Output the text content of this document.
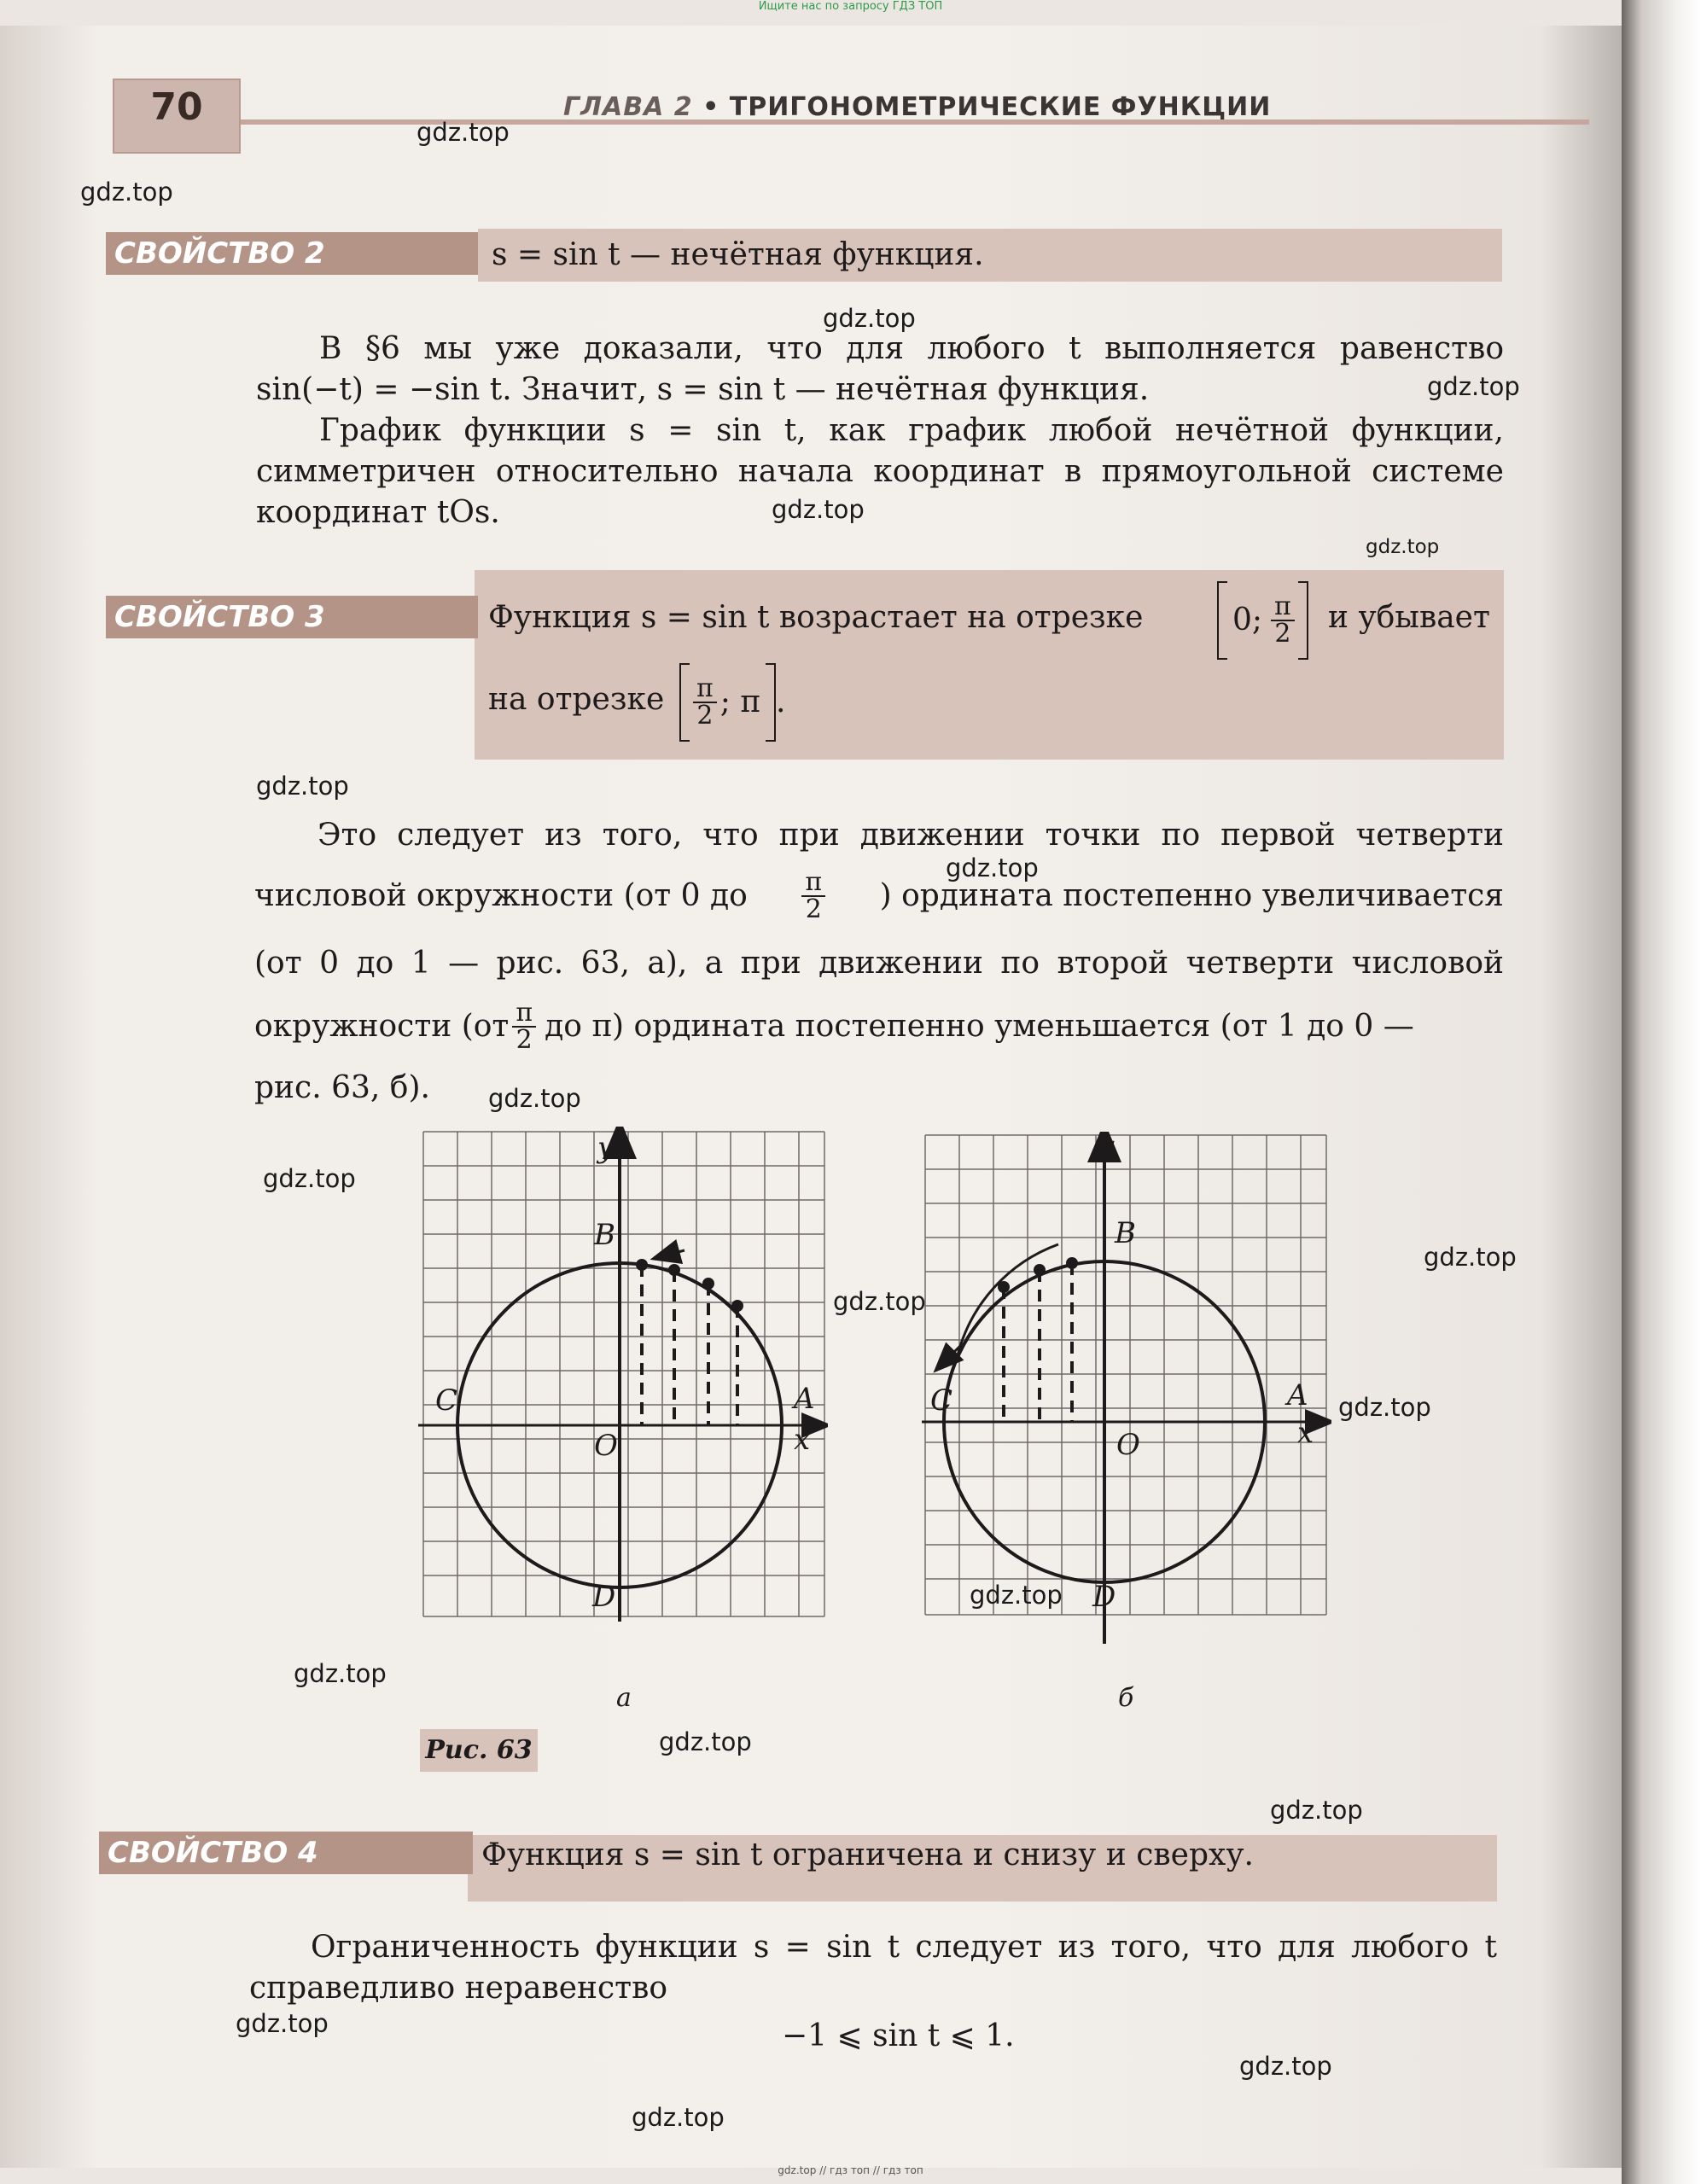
Ищите нас по запросу ГДЗ ТОП
70	ГЛАВА 2 • ТРИГОНОМЕТРИЧЕСКИЕ ФУНКЦИИ
СВОЙСТВО 2	s = sin t — нечётная функция.
В §6 мы уже доказали, что для любого t выполняется равенство
sin(−t) = −sin t. Значит, s = sin t — нечётная функция.
График функции s = sin t, как график любой нечётной функции,
симметричен относительно начала координат в прямоугольной системе
координат tOs.
СВОЙСТВО 3	Функция s = sin t возрастает на отрезке	0; $\frac{\pi}{2}$ и убывает
на отрезке $\frac{\pi}{2}$ ; π .
Это следует из того, что при движении точки по первой четверти
числовой окружности (от 0 до $\frac{\pi}{2}$ ) ордината постепенно увеличивается
(от 0 до 1 — рис. 63, а), а при движении по второй четверти числовой
окружности ($от \frac{\pi}{2}$ до π) ордината постепенно уменьшается (от 1 до 0 —
рис. 63, б).
y
x
B
A
C
O
D
а
y
x
B
A
C
O
D
б
Рис. 63
СВОЙСТВО 4	Функция s = sin t ограничена и снизу и сверху.
Ограниченность функции s = sin t следует из того, что для любого t
справедливо неравенство
−1 ⩽ sin t ⩽ 1.
gdz.top
gdz.top
gdz.top
gdz.top
gdz.top
gdz.top
gdz.top
gdz.top
gdz.top
gdz.top
gdz.top
gdz.top
gdz.top
gdz.top
gdz.top
gdz.top
gdz.top
gdz.top
gdz.top
gdz.top
gdz.top // гдз топ // гдз топ
